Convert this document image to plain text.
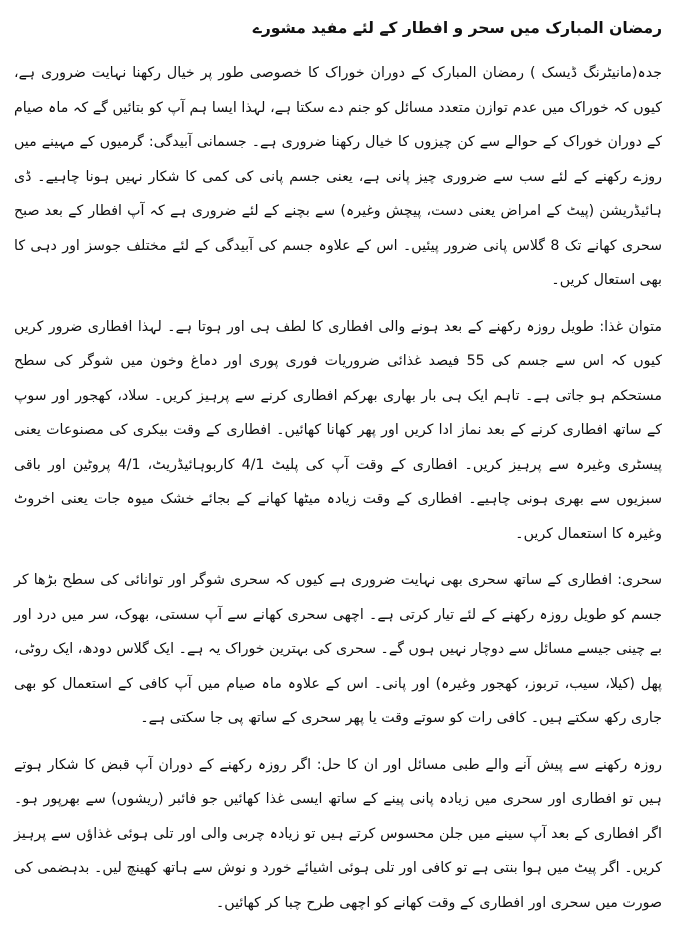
رمضان المبارک میں سحر و افطار کے لئے مفید مشورے

جدہ(مانیٹرنگ ڈیسک ) رمضان المبارک کے دوران خوراک کا خصوصی طور پر خیال رکھنا نہایت ضروری ہے، کیوں کہ خوراک میں عدم توازن متعدد مسائل کو جنم دے سکتا ہے، لہذا ایسا ہم آپ کو بتائیں گے کہ ماہ صیام کے دوران خوراک کے حوالے سے کن چیزوں کا خیال رکھنا ضروری ہے۔ جسمانی آبیدگی: گرمیوں کے مہینے میں روزے رکھنے کے لئے سب سے ضروری چیز پانی ہے، یعنی جسم پانی کی کمی کا شکار نہیں ہونا چاہیے۔ ڈی ہائیڈریشن (پیٹ کے امراض یعنی دست، پیچش وغیرہ) سے بچنے کے لئے ضروری ہے کہ آپ افطار کے بعد صبح سحری کھانے تک 8 گلاس پانی ضرور پیئیں۔ اس کے علاوہ جسم کی آبیدگی کے لئے مختلف جوسز اور دہی کا بھی استعال کریں۔

متوان غذا: طویل روزہ رکھنے کے بعد ہونے والی افطاری کا لطف ہی اور ہوتا ہے۔ لہذا افطاری ضرور کریں کیوں کہ اس سے جسم کی 55 فیصد غذائی ضروریات فوری پوری اور دماغ وخون میں شوگر کی سطح مستحکم ہو جاتی ہے۔ تاہم ایک ہی بار بھاری بھرکم افطاری کرنے سے پرہیز کریں۔ سلاد، کھجور اور سوپ کے ساتھ افطاری کرنے کے بعد نماز ادا کریں اور پھر کھانا کھائیں۔ افطاری کے وقت بیکری کی مصنوعات یعنی پیسٹری وغیرہ سے پرہیز کریں۔ افطاری کے وقت آپ کی پلیٹ 4/1 کاربوہائیڈریٹ، 4/1 پروٹین اور باقی سبزیوں سے بھری ہونی چاہیے۔ افطاری کے وقت زیادہ میٹھا کھانے کے بجائے خشک میوہ جات یعنی اخروٹ وغیرہ کا استعمال کریں۔

سحری: افطاری کے ساتھ سحری بھی نہایت ضروری ہے کیوں کہ سحری شوگر اور توانائی کی سطح بڑھا کر جسم کو طویل روزہ رکھنے کے لئے تیار کرتی ہے۔ اچھی سحری کھانے سے آپ سستی، بھوک، سر میں درد اور بے چینی جیسے مسائل سے دوچار نہیں ہوں گے۔ سحری کی بہترین خوراک یہ ہے۔ ایک گلاس دودھ، ایک روٹی، پھل (کیلا، سیب، تربوز، کھجور وغیرہ) اور پانی۔ اس کے علاوہ ماہ صیام میں آپ کافی کے استعمال کو بھی جاری رکھ سکتے ہیں۔ کافی رات کو سوتے وقت یا پھر سحری کے ساتھ پی جا سکتی ہے۔

روزہ رکھنے سے پیش آنے والے طبی مسائل اور ان کا حل: اگر روزہ رکھنے کے دوران آپ قبض کا شکار ہوتے ہیں تو افطاری اور سحری میں زیادہ پانی پینے کے ساتھ ایسی غذا کھائیں جو فائبر (ریشوں) سے بھرپور ہو۔ اگر افطاری کے بعد آپ سینے میں جلن محسوس کرتے ہیں تو زیادہ چربی والی اور تلی ہوئی غذاؤں سے پرہیز کریں۔ اگر پیٹ میں ہوا بنتی ہے تو کافی اور تلی ہوئی اشیائے خورد و نوش سے ہاتھ کھینچ لیں۔ بدہضمی کی صورت میں سحری اور افطاری کے وقت کھانے کو اچھی طرح چبا کر کھائیں۔
